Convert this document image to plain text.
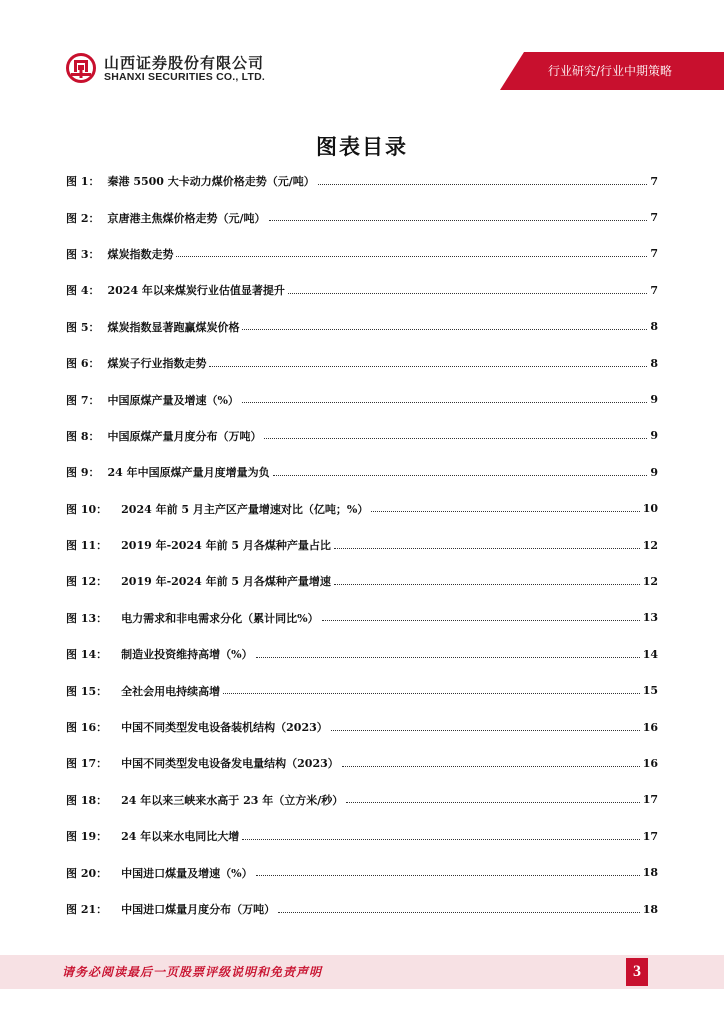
山西证券股份有限公司
SHANXI SECURITIES CO., LTD.	行业研究/行业中期策略
图表目录
图 1： 秦港 5500 大卡动力煤价格走势（元/吨）	7
图 2： 京唐港主焦煤价格走势（元/吨）	7
图 3： 煤炭指数走势	7
图 4： 2024 年以来煤炭行业估值显著提升	7
图 5： 煤炭指数显著跑赢煤炭价格	8
图 6： 煤炭子行业指数走势	8
图 7： 中国原煤产量及增速（%）	9
图 8： 中国原煤产量月度分布（万吨）	9
图 9： 24 年中国原煤产量月度增量为负	9
图 10：	2024 年前 5 月主产区产量增速对比（亿吨；%）	10
图 11：	2019 年-2024 年前 5 月各煤种产量占比	12
图 12：	2019 年-2024 年前 5 月各煤种产量增速	12
图 13：	电力需求和非电需求分化（累计同比%）	13
图 14：	制造业投资维持高增（%）	14
图 15：	全社会用电持续高增	15
图 16：	中国不同类型发电设备装机结构（2023）	16
图 17：	中国不同类型发电设备发电量结构（2023）	16
图 18：	24 年以来三峡来水高于 23 年（立方米/秒）	17
图 19：	24 年以来水电同比大增	17
图 20：	中国进口煤量及增速（%）	18
图 21：	中国进口煤量月度分布（万吨）	18
请务必阅读最后一页股票评级说明和免责声明	3
